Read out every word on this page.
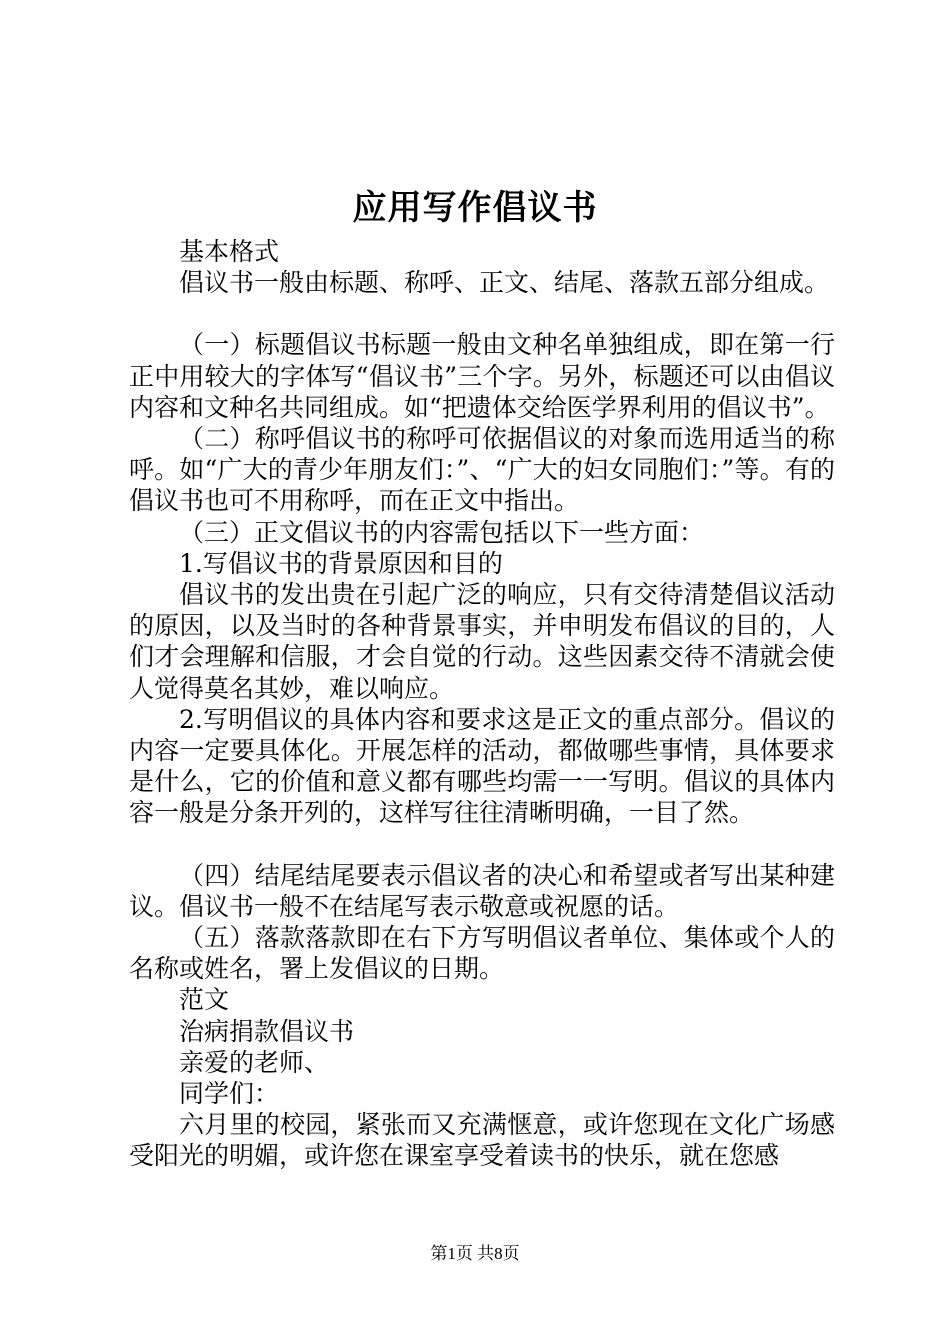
应用写作倡议书

基本格式

倡议书一般由标题、称呼、正文、结尾、落款五部分组成。

（一）标题倡议书标题一般由文种名单独组成，即在第一行正中用较大的字体写“倡议书”三个字。另外，标题还可以由倡议内容和文种名共同组成。如“把遗体交给医学界利用的倡议书”。

（二）称呼倡议书的称呼可依据倡议的对象而选用适当的称呼。如“广大的青少年朋友们：”、“广大的妇女同胞们：”等。有的倡议书也可不用称呼，而在正文中指出。

（三）正文倡议书的内容需包括以下一些方面：

1.写倡议书的背景原因和目的

倡议书的发出贵在引起广泛的响应，只有交待清楚倡议活动的原因，以及当时的各种背景事实，并申明发布倡议的目的，人们才会理解和信服，才会自觉的行动。这些因素交待不清就会使人觉得莫名其妙，难以响应。

2.写明倡议的具体内容和要求这是正文的重点部分。倡议的内容一定要具体化。开展怎样的活动，都做哪些事情，具体要求是什么，它的价值和意义都有哪些均需一一写明。倡议的具体内容一般是分条开列的，这样写往往清晰明确，一目了然。

（四）结尾结尾要表示倡议者的决心和希望或者写出某种建议。倡议书一般不在结尾写表示敬意或祝愿的话。

（五）落款落款即在右下方写明倡议者单位、集体或个人的名称或姓名，署上发倡议的日期。

范文

治病捐款倡议书

亲爱的老师、

同学们：

六月里的校园，紧张而又充满惬意，或许您现在文化广场感受阳光的明媚，或许您在课室享受着读书的快乐，就在您感

第1页 共8页
